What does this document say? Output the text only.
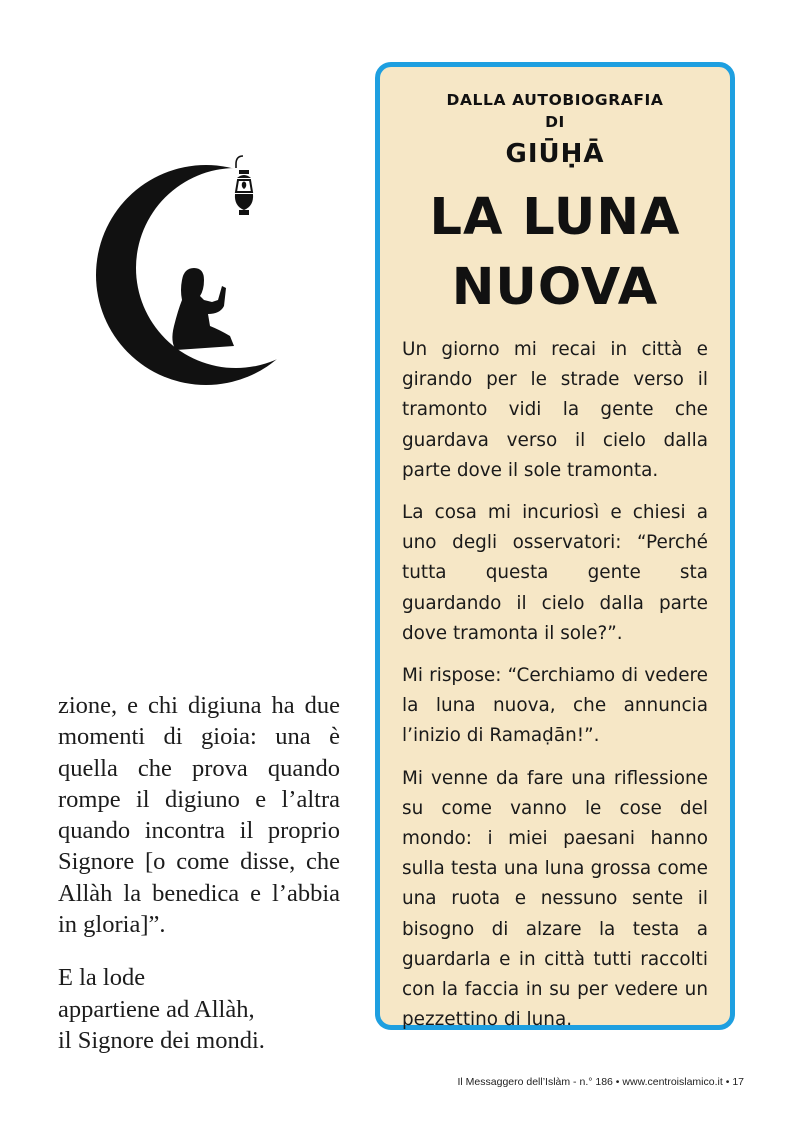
zione, e chi digiuna ha due momenti di gioia: una è quella che prova quando rompe il digiuno e l’altra quando incontra il proprio Signore [o come disse, che Allàh la benedica e l’abbia in gloria]”.

E la lode
appartiene ad Allàh,
il Signore dei mondi.

DALLA AUTOBIOGRAFIA
DI
GIŪḤĀ
LA LUNA
NUOVA

Un giorno mi recai in città e girando per le strade verso il tramonto vidi la gente che guardava verso il cielo dalla parte dove il sole tramonta.

La cosa mi incuriosì e chiesi a uno degli osservatori: “Perché tutta questa gente sta guardando il cielo dalla parte dove tramonta il sole?”.

Mi rispose: “Cerchiamo di vedere la luna nuova, che annuncia l’inizio di Ramaḍān!”.

Mi venne da fare una riflessione su come vanno le cose del mondo: i miei paesani hanno sulla testa una luna grossa come una ruota e nessuno sente il bisogno di alzare la testa a guardarla e in città tutti raccolti con la faccia in su per vedere un pezzettino di luna.

Il Messaggero dell’Islàm - n.° 186 • www.centroislamico.it • 17
